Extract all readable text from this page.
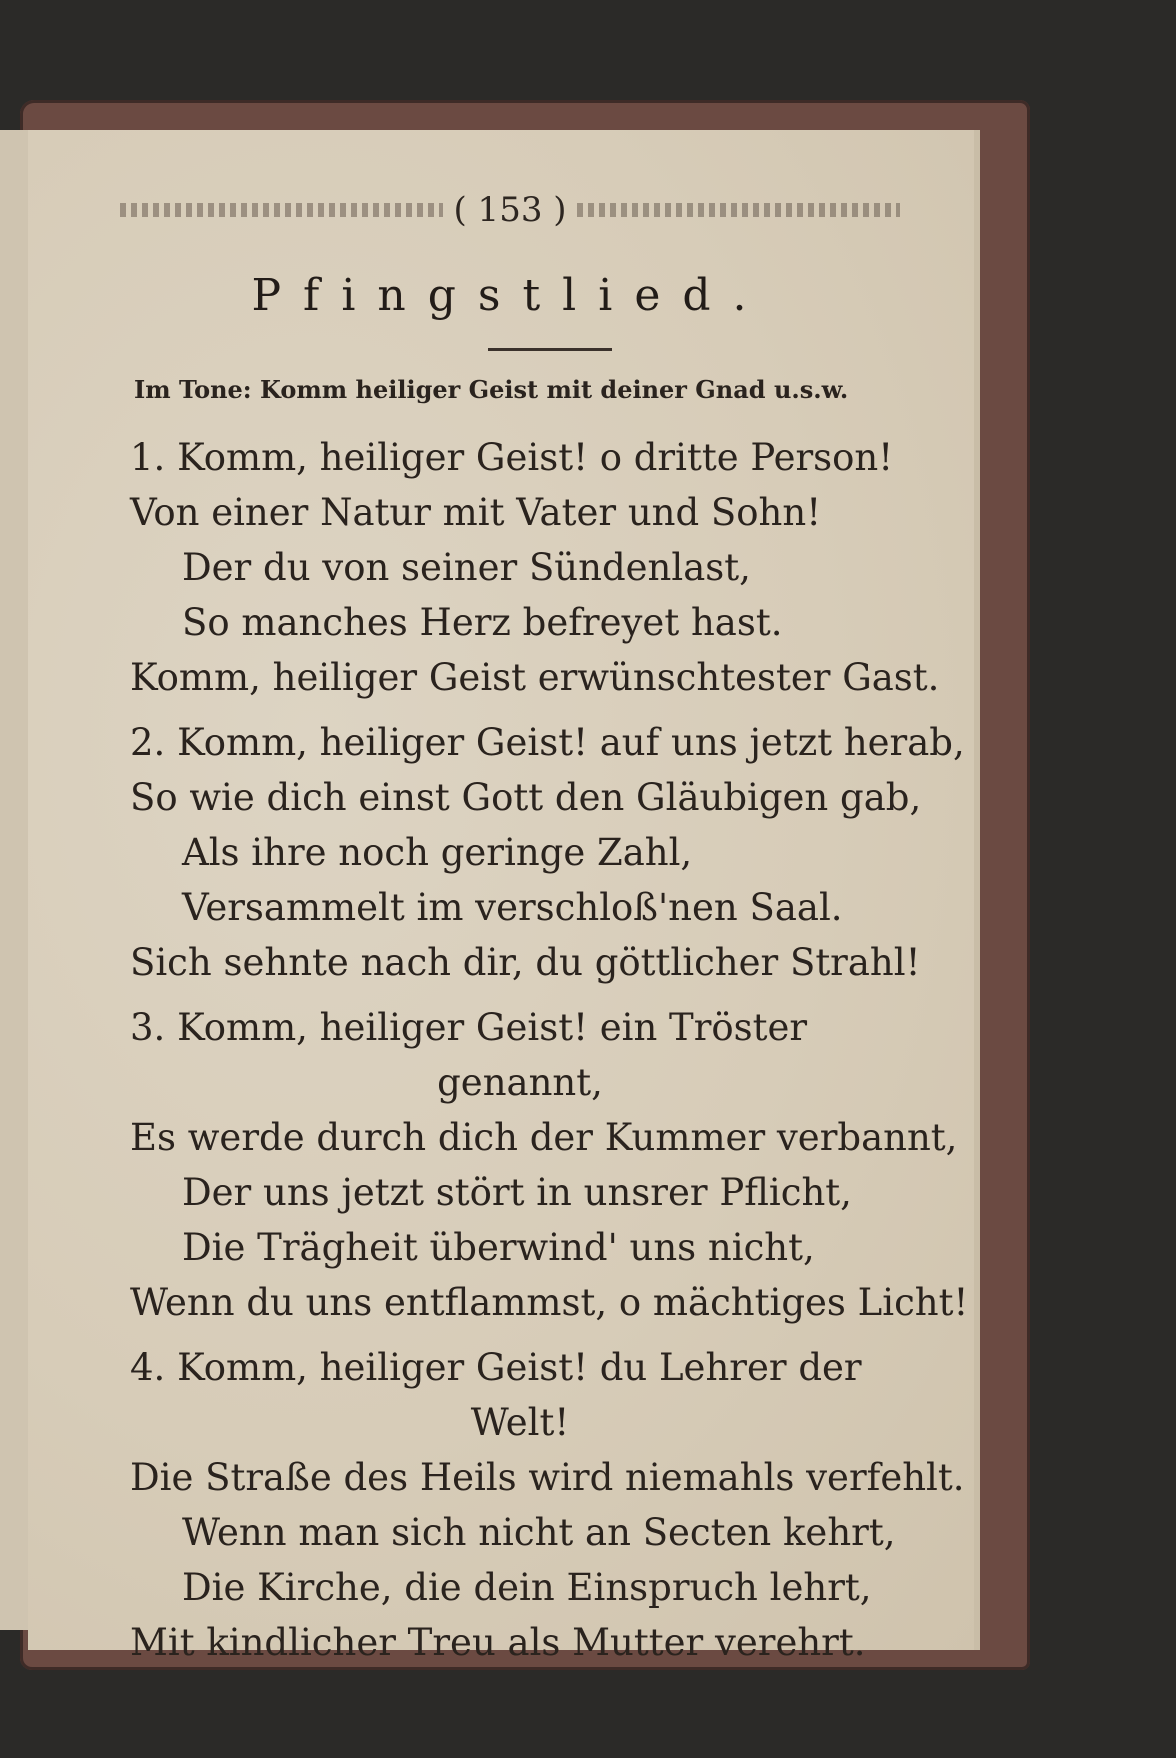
( 153 )
Pfingstlied.
Im Tone: Komm heiliger Geist mit deiner Gnad u.s.w.
1. Komm, heiliger Geist! o dritte Person!
Von einer Natur mit Vater und Sohn!
Der du von seiner Sündenlast,
So manches Herz befreyet hast.
Komm, heiliger Geist erwünschtester Gast.
2. Komm, heiliger Geist! auf uns jetzt herab,
So wie dich einst Gott den Gläubigen gab,
Als ihre noch geringe Zahl,
Versammelt im verschloß'nen Saal.
Sich sehnte nach dir, du göttlicher Strahl!
3. Komm, heiliger Geist! ein Tröster
genannt,
Es werde durch dich der Kummer verbannt,
Der uns jetzt stört in unsrer Pflicht,
Die Trägheit überwind' uns nicht,
Wenn du uns entflammst, o mächtiges Licht!
4. Komm, heiliger Geist! du Lehrer der
Welt!
Die Straße des Heils wird niemahls verfehlt.
Wenn man sich nicht an Secten kehrt,
Die Kirche, die dein Einspruch lehrt,
Mit kindlicher Treu als Mutter verehrt.
